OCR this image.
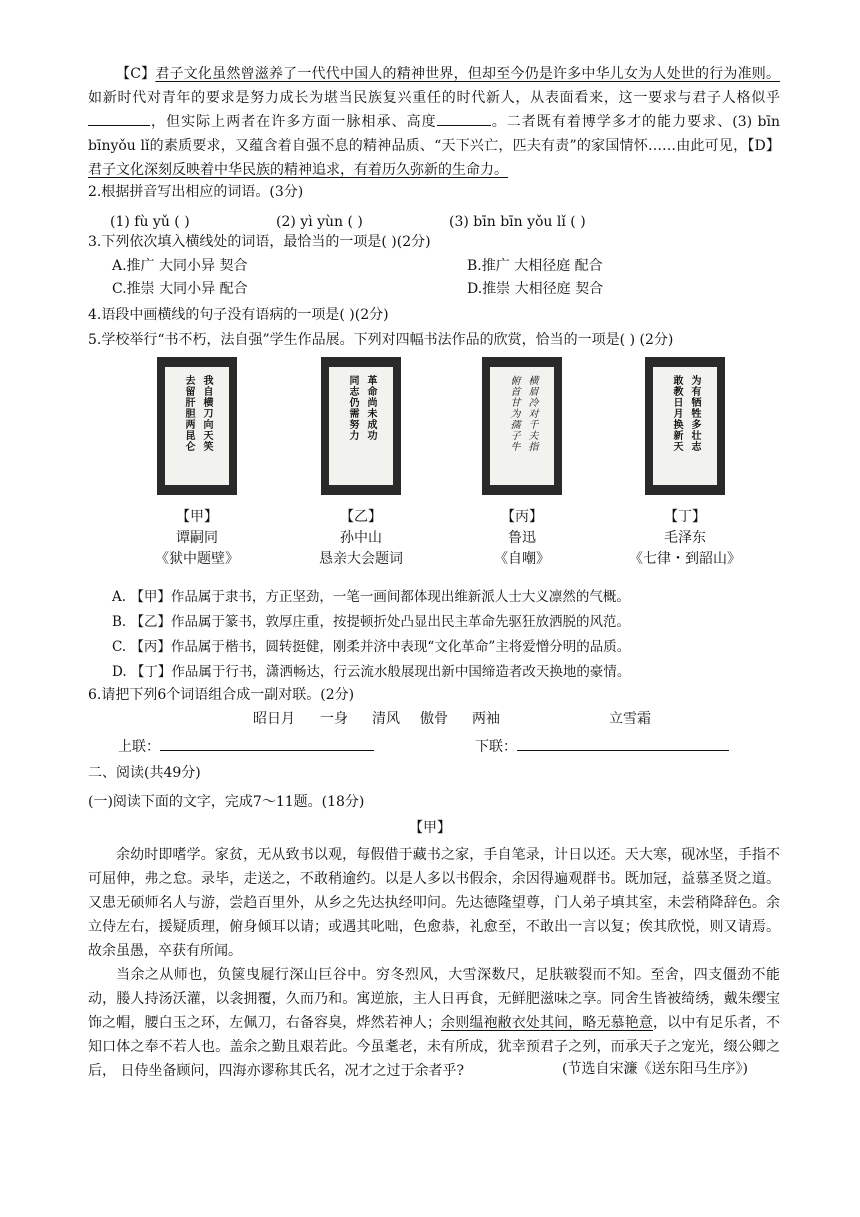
【C】君子文化虽然曾滋养了一代代中国人的精神世界，但却至今仍是许多中华儿女为人处世的行为准则。如新时代对青年的要求是努力成长为堪当民族复兴重任的时代新人，从表面看来，这一要求与君子人格似乎，但实际上两者在许多方面一脉相承、高度	。二者既有着博学多才的能力要求、(3) bīn bīnyǒu lǐ的素质要求，又蕴含着自强不息的精神品质、“天下兴亡，匹夫有责”的家国情怀……由此可见，【D】君子文化深刻反映着中华民族的精神追求，有着历久弥新的生命力。
2.根据拼音写出相应的词语。(3分)
(1) fù yǔ ( )	(2) yì yùn ( )	(3) bīn bīn yǒu lǐ ( )
3.下列依次填入横线处的词语，最恰当的一项是( )(2分)
A.推广 大同小异 契合	B.推广 大相径庭 配合
C.推崇 大同小异 配合	D.推崇 大相径庭 契合
4.语段中画横线的句子没有语病的一项是( )(2分)
5.学校举行“书不朽，法自强”学生作品展。下列对四幅书法作品的欣赏，恰当的一项是( ) (2分)
我自横刀向天笑
去留肝胆两昆仑	革命尚未成功
同志仍需努力	横眉冷对千夫指
俯首甘为孺子牛	为有牺牲多壮志
敢教日月换新天
【甲】
谭嗣同
《狱中题壁》
【乙】
孙中山
恳亲大会题词
【丙】
鲁迅
《自嘲》
【丁】
毛泽东
《七律・到韶山》
A. 【甲】作品属于隶书，方正坚劲，一笔一画间都体现出维新派人士大义凛然的气概。
B. 【乙】作品属于篆书，敦厚庄重，按提顿折处凸显出民主革命先驱狂放洒脱的风范。
C. 【丙】作品属于楷书，圆转挺健，刚柔并济中表现“文化革命”主将爱憎分明的品质。
D. 【丁】作品属于行书，潇洒畅达，行云流水般展现出新中国缔造者改天换地的豪情。
6.请把下列6个词语组合成一副对联。(2分)
昭日月 一身 清风 傲骨 两袖	立雪霜
上联：	下联：
二、阅读(共49分)
(一)阅读下面的文字，完成7～11题。(18分)
【甲】
余幼时即嗜学。家贫，无从致书以观，每假借于藏书之家，手自笔录，计日以还。天大寒，砚冰坚，手指不可屈伸，弗之怠。录毕，走送之，不敢稍逾约。以是人多以书假余，余因得遍观群书。既加冠，益慕圣贤之道。又患无硕师名人与游，尝趋百里外，从乡之先达执经叩问。先达德隆望尊，门人弟子填其室，未尝稍降辞色。余立侍左右，援疑质理，俯身倾耳以请；或遇其叱咄，色愈恭，礼愈至，不敢出一言以复；俟其欣悦，则又请焉。故余虽愚，卒获有所闻。
当余之从师也，负箧曳屣行深山巨谷中。穷冬烈风，大雪深数尺，足肤皲裂而不知。至舍，四支僵劲不能动，媵人持汤沃灌，以衾拥覆，久而乃和。寓逆旅，主人日再食，无鲜肥滋味之享。同舍生皆被绮绣，戴朱缨宝饰之帽，腰白玉之环，左佩刀，右备容臭，烨然若神人；余则缊袍敝衣处其间，略无慕艳意，以中有足乐者，不知口体之奉不若人也。盖余之勤且艰若此。今虽耄老，未有所成，犹幸预君子之列，而承天子之宠光，缀公卿之后， 日侍坐备顾问，四海亦谬称其氏名，况才之过于余者乎?	(节选自宋濂《送东阳马生序》)
